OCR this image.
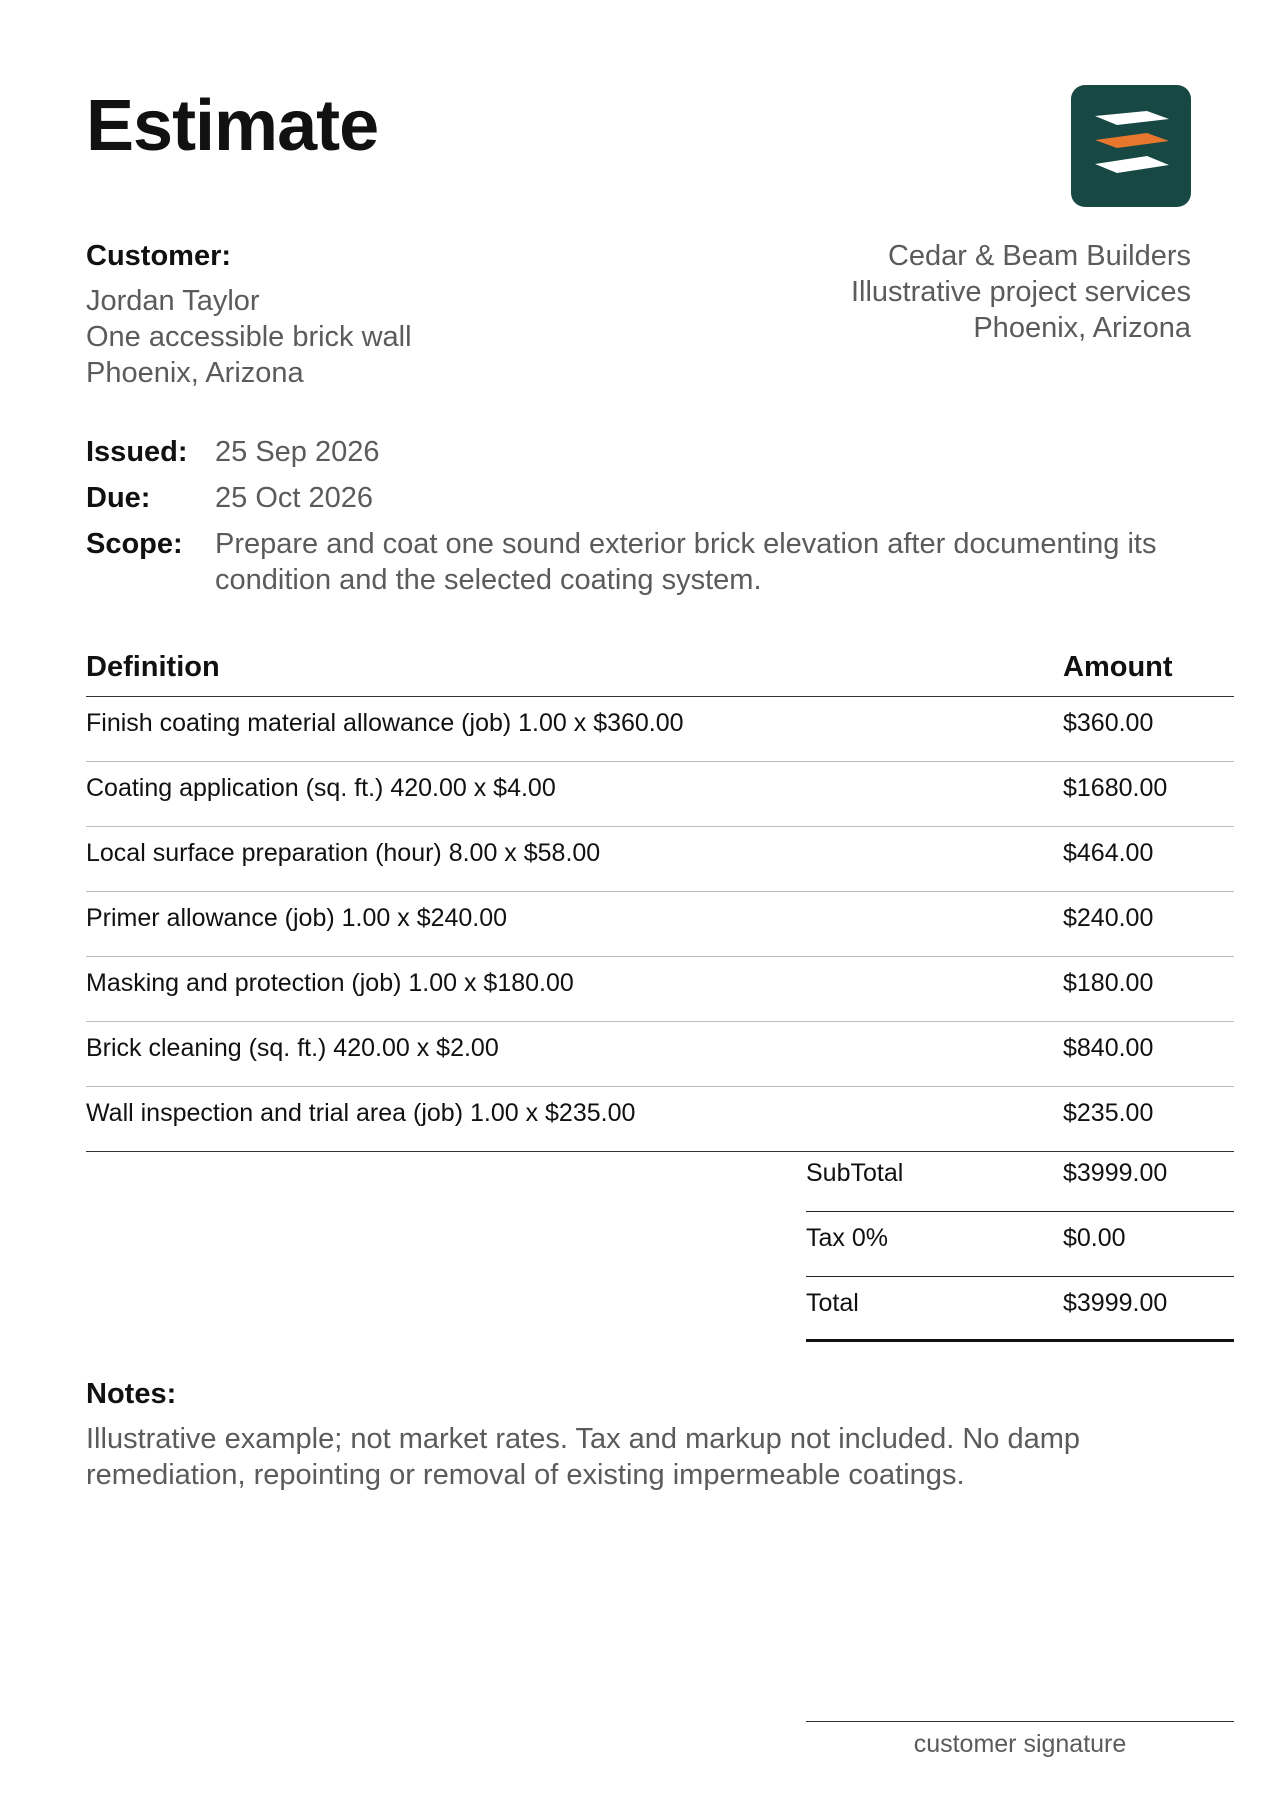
Estimate
Customer:
Jordan Taylor
One accessible brick wall
Phoenix, Arizona
Cedar & Beam Builders
Illustrative project services
Phoenix, Arizona
Issued: 25 Sep 2026
Due:	25 Oct 2026
Scope:	Prepare and coat one sound exterior brick elevation after documenting its condition and the selected coating system.
Definition	Amount
Finish coating material allowance (job) 1.00 x $360.00	$360.00
Coating application (sq. ft.) 420.00 x $4.00	$1680.00
Local surface preparation (hour) 8.00 x $58.00	$464.00
Primer allowance (job) 1.00 x $240.00	$240.00
Masking and protection (job) 1.00 x $180.00	$180.00
Brick cleaning (sq. ft.) 420.00 x $2.00	$840.00
Wall inspection and trial area (job) 1.00 x $235.00	$235.00
SubTotal	$3999.00
Tax 0%	$0.00
Total	$3999.00
Notes:
Illustrative example; not market rates. Tax and markup not included. No damp remediation, repointing or removal of existing impermeable coatings.
customer signature
